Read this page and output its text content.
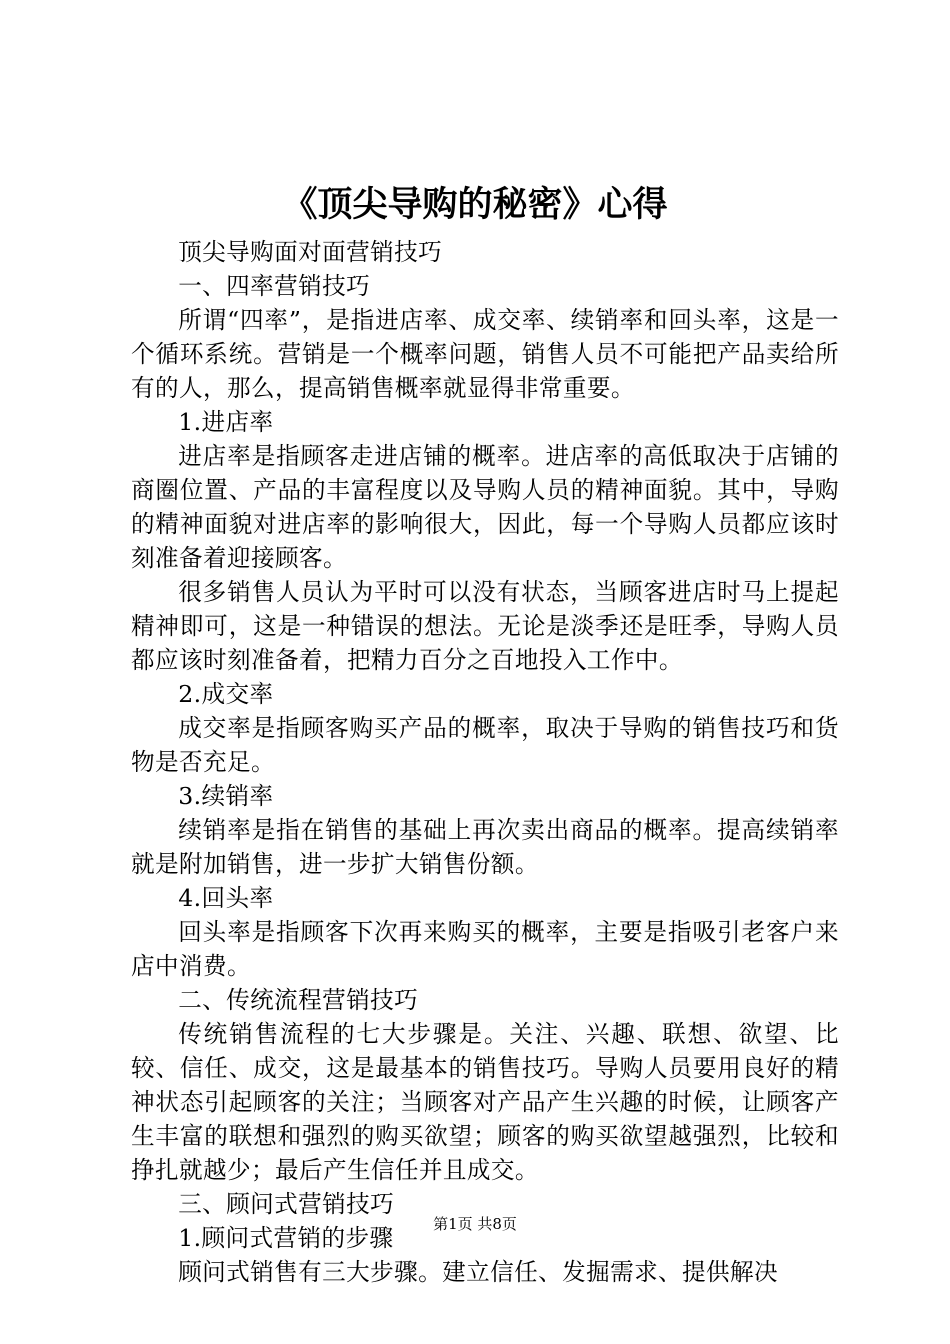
《顶尖导购的秘密》心得

顶尖导购面对面营销技巧

一、四率营销技巧

所谓“四率”，是指进店率、成交率、续销率和回头率，这是一个循环系统。营销是一个概率问题，销售人员不可能把产品卖给所有的人，那么，提高销售概率就显得非常重要。

1.进店率

进店率是指顾客走进店铺的概率。进店率的高低取决于店铺的商圈位置、产品的丰富程度以及导购人员的精神面貌。其中，导购的精神面貌对进店率的影响很大，因此，每一个导购人员都应该时刻准备着迎接顾客。

很多销售人员认为平时可以没有状态，当顾客进店时马上提起精神即可，这是一种错误的想法。无论是淡季还是旺季，导购人员都应该时刻准备着，把精力百分之百地投入工作中。

2.成交率

成交率是指顾客购买产品的概率，取决于导购的销售技巧和货物是否充足。

3.续销率

续销率是指在销售的基础上再次卖出商品的概率。提高续销率就是附加销售，进一步扩大销售份额。

4.回头率

回头率是指顾客下次再来购买的概率，主要是指吸引老客户来店中消费。

二、传统流程营销技巧

传统销售流程的七大步骤是。关注、兴趣、联想、欲望、比较、信任、成交，这是最基本的销售技巧。导购人员要用良好的精神状态引起顾客的关注；当顾客对产品产生兴趣的时候，让顾客产生丰富的联想和强烈的购买欲望；顾客的购买欲望越强烈，比较和挣扎就越少；最后产生信任并且成交。

三、顾问式营销技巧

1.顾问式营销的步骤

顾问式销售有三大步骤。建立信任、发掘需求、提供解决

第1页 共8页
